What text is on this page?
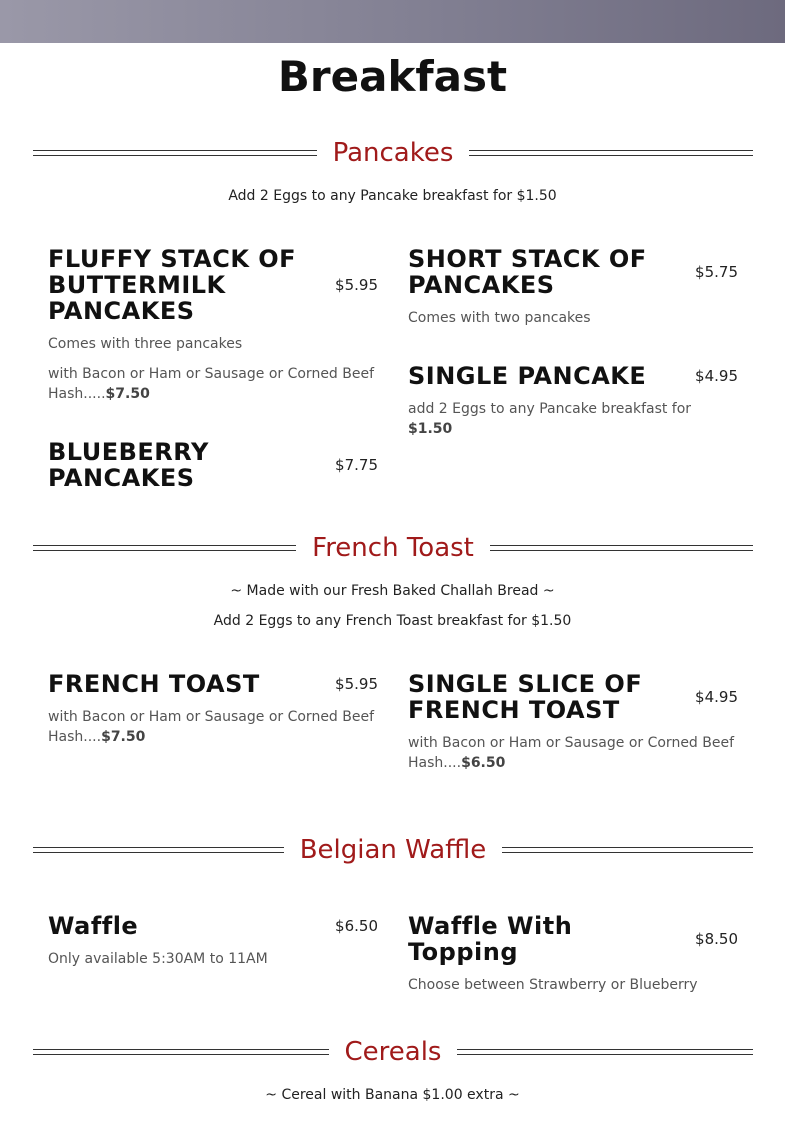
Breakfast
Pancakes
Add 2 Eggs to any Pancake breakfast for $1.50
FLUFFY STACK OF BUTTERMILK PANCAKES
$5.95
Comes with three pancakes
with Bacon or Ham or Sausage or Corned Beef Hash.....$7.50
SHORT STACK OF PANCAKES	$5.75
Comes with two pancakes
SINGLE PANCAKE	$4.95
add 2 Eggs to any Pancake breakfast for $1.50
BLUEBERRY PANCAKES	$7.75
French Toast
~ Made with our Fresh Baked Challah Bread ~
Add 2 Eggs to any French Toast breakfast for $1.50
FRENCH TOAST	$5.95
with Bacon or Ham or Sausage or Corned Beef Hash....$7.50
SINGLE SLICE OF FRENCH TOAST	$4.95
with Bacon or Ham or Sausage or Corned Beef Hash....$6.50
Belgian Waffle
Waffle	$6.50
Only available 5:30AM to 11AM
Waffle With Topping	$8.50
Choose between Strawberry or Blueberry
Cereals
~ Cereal with Banana $1.00 extra ~
